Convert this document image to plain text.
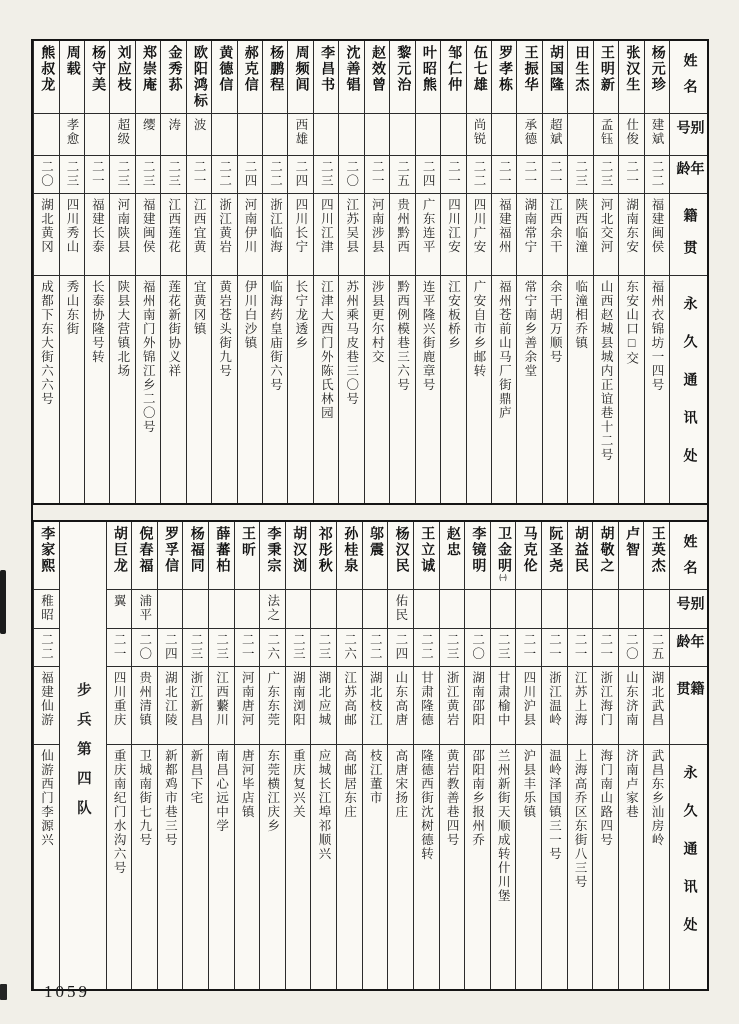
姓名
别号
年龄
籍贯
永久通讯处
杨元珍
建斌
二二
福建闽侯
福州衣锦坊一四号
张汉生
仕俊
二一
湖南东安
东安山口□交
王明新
孟钰
二三
河北交河
山西赵城县城内正谊巷十二号
田生杰
二三
陕西临潼
临潼相乔镇
胡国隆
超斌
二一
江西余干
余干胡万顺号
王振华
承德
二一
湖南常宁
常宁南乡善余堂
罗孝栋
二一
福建福州
福州苍前山马厂街鼎庐
伍七雄
尚锐
二二
四川广安
广安自市乡邮转
邹仁仲
二一
四川江安
江安板桥乡
叶昭熊
二四
广东连平
连平隆兴街鹿章号
黎元治
二五
贵州黔西
黔西例模巷三六号
赵效曾
二一
河南涉县
涉县更尔村交
沈善锠
二〇
江苏吴县
苏州乘马皮巷三〇号
李昌书
二三
四川江津
江津大西门外陈氏林园
周频闾
西雄
二四
四川长宁
长宁龙透乡
杨鹏程
二二
浙江临海
临海药皇庙街六号
郝克信
二四
河南伊川
伊川白沙镇
黄德信
二二
浙江黄岩
黄岩苍头街九号
欧阳鸿标
波
二一
江西宜黄
宜黄冈镇
金秀荪
涛
二三
江西莲花
莲花新街协义祥
郑崇庵
缨
二三
福建闽侯
福州南门外锦江乡二〇号
刘应枝
超级
二三
河南陕县
陕县大营镇北场
杨守美
二一
福建长泰
长泰协隆号转
周载
孝愈
二三
四川秀山
秀山东街
熊叔龙
二〇
湖北黄冈
成都下东大街六六号
姓名
别号
年龄
籍贯
永久通讯处
王英杰
二五
湖北武昌
武昌东乡汕房岭
卢智
二〇
山东济南
济南卢家巷
胡敬之
二一
浙江海门
海门南山路四号
胡益民
二一
江苏上海
上海高乔区东街八三号
阮圣尧
二一
浙江温岭
温岭泽国镇三一号
马克伦
二一
四川沪县
沪县丰乐镇
卫金明㈠
二三
甘肃榆中
兰州新街天顺成转什川堡
李镜明
二〇
湖南邵阳
邵阳南乡报州乔
赵忠
二三
浙江黄岩
黄岩教善巷四号
王立诚
二二
甘肃隆德
隆德西街沈树德转
杨汉民
佑民
二四
山东高唐
高唐宋扬庄
邬震
二二
湖北枝江
枝江董市
孙桂泉
二六
江苏高邮
高邮居东庄
祁彤秋
二三
湖北应城
应城长江埠祁顺兴
胡汉浏
二三
湖南浏阳
重庆复兴关
李秉宗
法之
二六
广东东莞
东莞横江庆乡
王昕
二一
河南唐河
唐河毕店镇
薛蕃柏
二三
江西蘻川
南昌心远中学
杨福同
二三
浙江新昌
新昌下宅
罗孚信
二四
湖北江陵
新都鸡市巷三号
倪春福
浦平
二〇
贵州清镇
卫城南街七九号
胡巨龙
翼
二一
四川重庆
重庆南纪门水沟六号
步兵第四队
李家熙
稚昭
二二
福建仙游
仙游西门李源兴
1059
